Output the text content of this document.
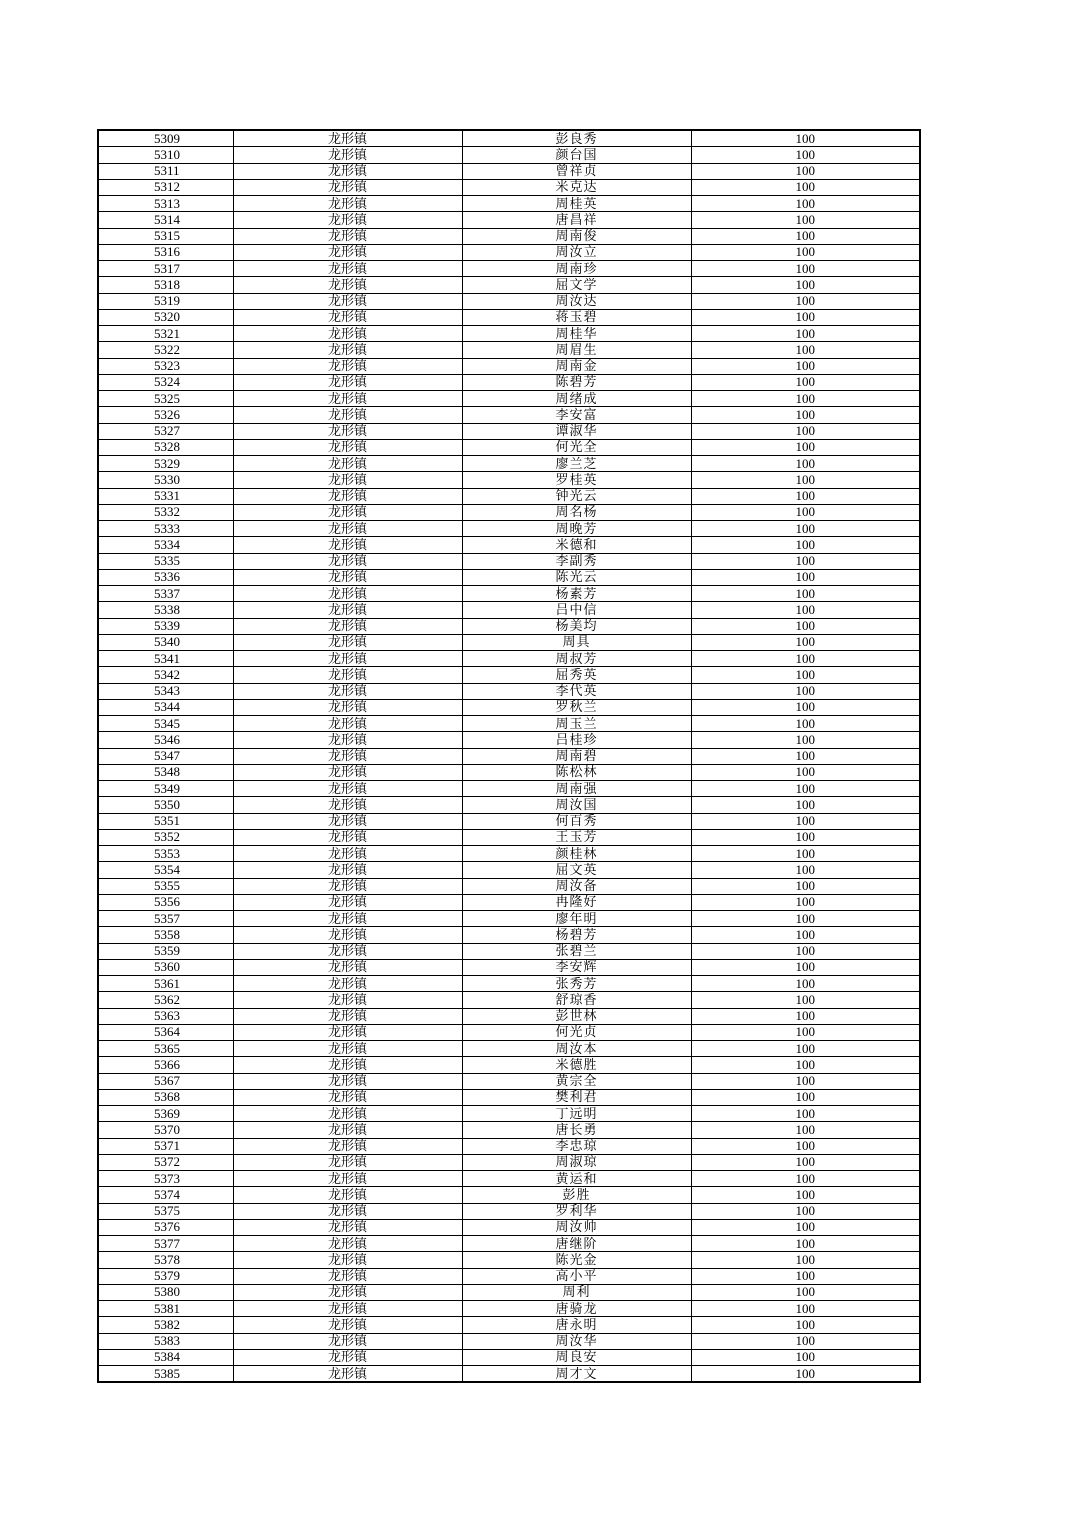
5309	龙形镇	彭良秀	100
5310	龙形镇	颜台国	100
5311	龙形镇	曾祥贞	100
5312	龙形镇	米克达	100
5313	龙形镇	周桂英	100
5314	龙形镇	唐昌祥	100
5315	龙形镇	周南俊	100
5316	龙形镇	周汝立	100
5317	龙形镇	周南珍	100
5318	龙形镇	屈文学	100
5319	龙形镇	周汝达	100
5320	龙形镇	蒋玉碧	100
5321	龙形镇	周桂华	100
5322	龙形镇	周眉生	100
5323	龙形镇	周南金	100
5324	龙形镇	陈碧芳	100
5325	龙形镇	周绪成	100
5326	龙形镇	李安富	100
5327	龙形镇	谭淑华	100
5328	龙形镇	何光全	100
5329	龙形镇	廖兰芝	100
5330	龙形镇	罗桂英	100
5331	龙形镇	钟光云	100
5332	龙形镇	周名杨	100
5333	龙形镇	周晚芳	100
5334	龙形镇	米德和	100
5335	龙形镇	李副秀	100
5336	龙形镇	陈光云	100
5337	龙形镇	杨素芳	100
5338	龙形镇	吕中信	100
5339	龙形镇	杨美均	100
5340	龙形镇	周具	100
5341	龙形镇	周叔芳	100
5342	龙形镇	屈秀英	100
5343	龙形镇	李代英	100
5344	龙形镇	罗秋兰	100
5345	龙形镇	周玉兰	100
5346	龙形镇	吕桂珍	100
5347	龙形镇	周南碧	100
5348	龙形镇	陈松林	100
5349	龙形镇	周南强	100
5350	龙形镇	周汝国	100
5351	龙形镇	何百秀	100
5352	龙形镇	王玉芳	100
5353	龙形镇	颜桂林	100
5354	龙形镇	屈文英	100
5355	龙形镇	周汝备	100
5356	龙形镇	冉隆好	100
5357	龙形镇	廖年明	100
5358	龙形镇	杨碧芳	100
5359	龙形镇	张碧兰	100
5360	龙形镇	李安辉	100
5361	龙形镇	张秀芳	100
5362	龙形镇	舒琼香	100
5363	龙形镇	彭世林	100
5364	龙形镇	何光贞	100
5365	龙形镇	周汝本	100
5366	龙形镇	米德胜	100
5367	龙形镇	黄宗全	100
5368	龙形镇	樊利君	100
5369	龙形镇	丁远明	100
5370	龙形镇	唐长勇	100
5371	龙形镇	李忠琼	100
5372	龙形镇	周淑琼	100
5373	龙形镇	黄运和	100
5374	龙形镇	彭胜	100
5375	龙形镇	罗利华	100
5376	龙形镇	周汝帅	100
5377	龙形镇	唐继阶	100
5378	龙形镇	陈光金	100
5379	龙形镇	高小平	100
5380	龙形镇	周利	100
5381	龙形镇	唐骑龙	100
5382	龙形镇	唐永明	100
5383	龙形镇	周汝华	100
5384	龙形镇	周良安	100
5385	龙形镇	周才文	100
